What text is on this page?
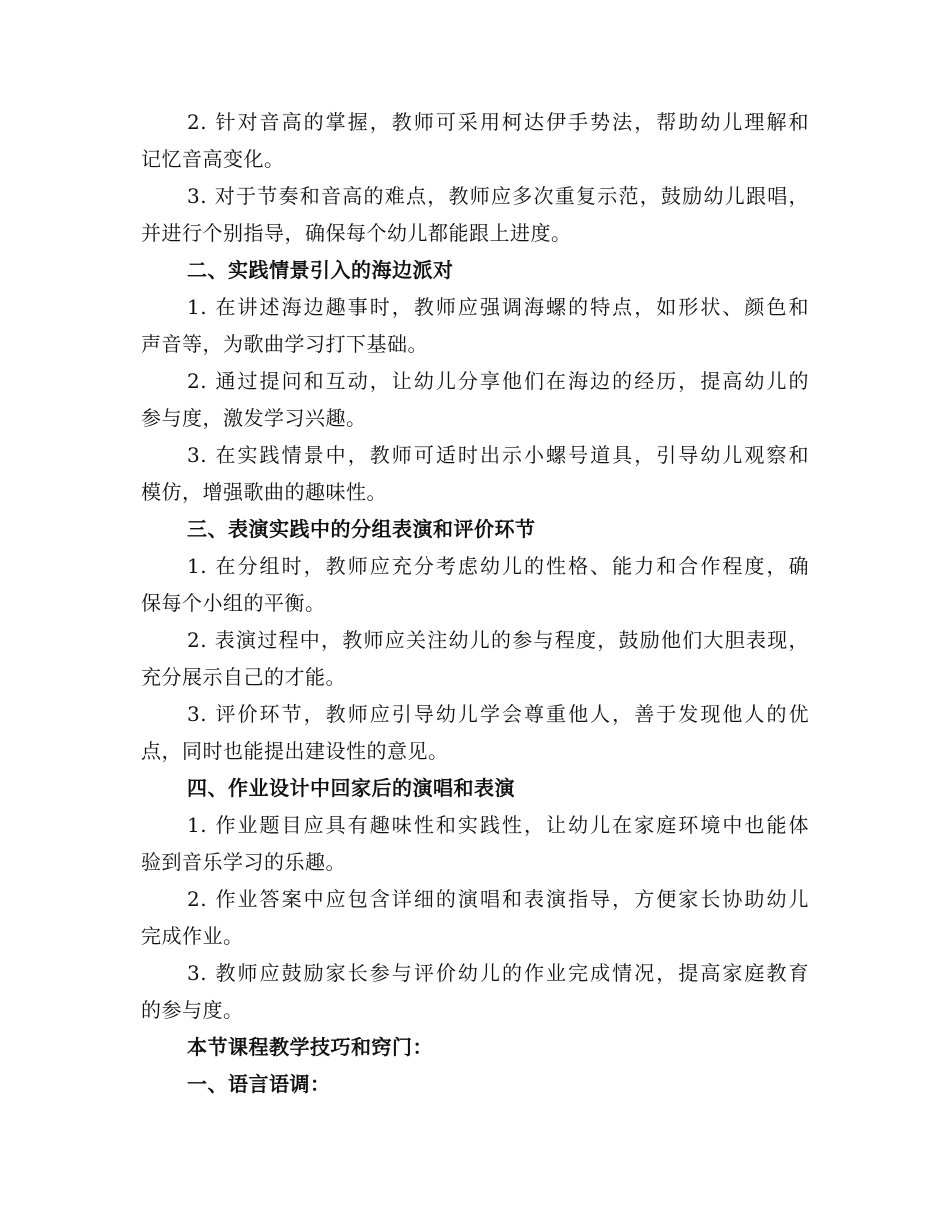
2. 针对音高的掌握，教师可采用柯达伊手势法，帮助幼儿理解和
记忆音高变化。
3. 对于节奏和音高的难点，教师应多次重复示范，鼓励幼儿跟唱，
并进行个别指导，确保每个幼儿都能跟上进度。
二、实践情景引入的海边派对
1. 在讲述海边趣事时，教师应强调海螺的特点，如形状、颜色和
声音等，为歌曲学习打下基础。
2. 通过提问和互动，让幼儿分享他们在海边的经历，提高幼儿的
参与度，激发学习兴趣。
3. 在实践情景中，教师可适时出示小螺号道具，引导幼儿观察和
模仿，增强歌曲的趣味性。
三、表演实践中的分组表演和评价环节
1. 在分组时，教师应充分考虑幼儿的性格、能力和合作程度，确
保每个小组的平衡。
2. 表演过程中，教师应关注幼儿的参与程度，鼓励他们大胆表现，
充分展示自己的才能。
3. 评价环节，教师应引导幼儿学会尊重他人，善于发现他人的优
点，同时也能提出建设性的意见。
四、作业设计中回家后的演唱和表演
1. 作业题目应具有趣味性和实践性，让幼儿在家庭环境中也能体
验到音乐学习的乐趣。
2. 作业答案中应包含详细的演唱和表演指导，方便家长协助幼儿
完成作业。
3. 教师应鼓励家长参与评价幼儿的作业完成情况，提高家庭教育
的参与度。
本节课程教学技巧和窍门：
一、语言语调：
